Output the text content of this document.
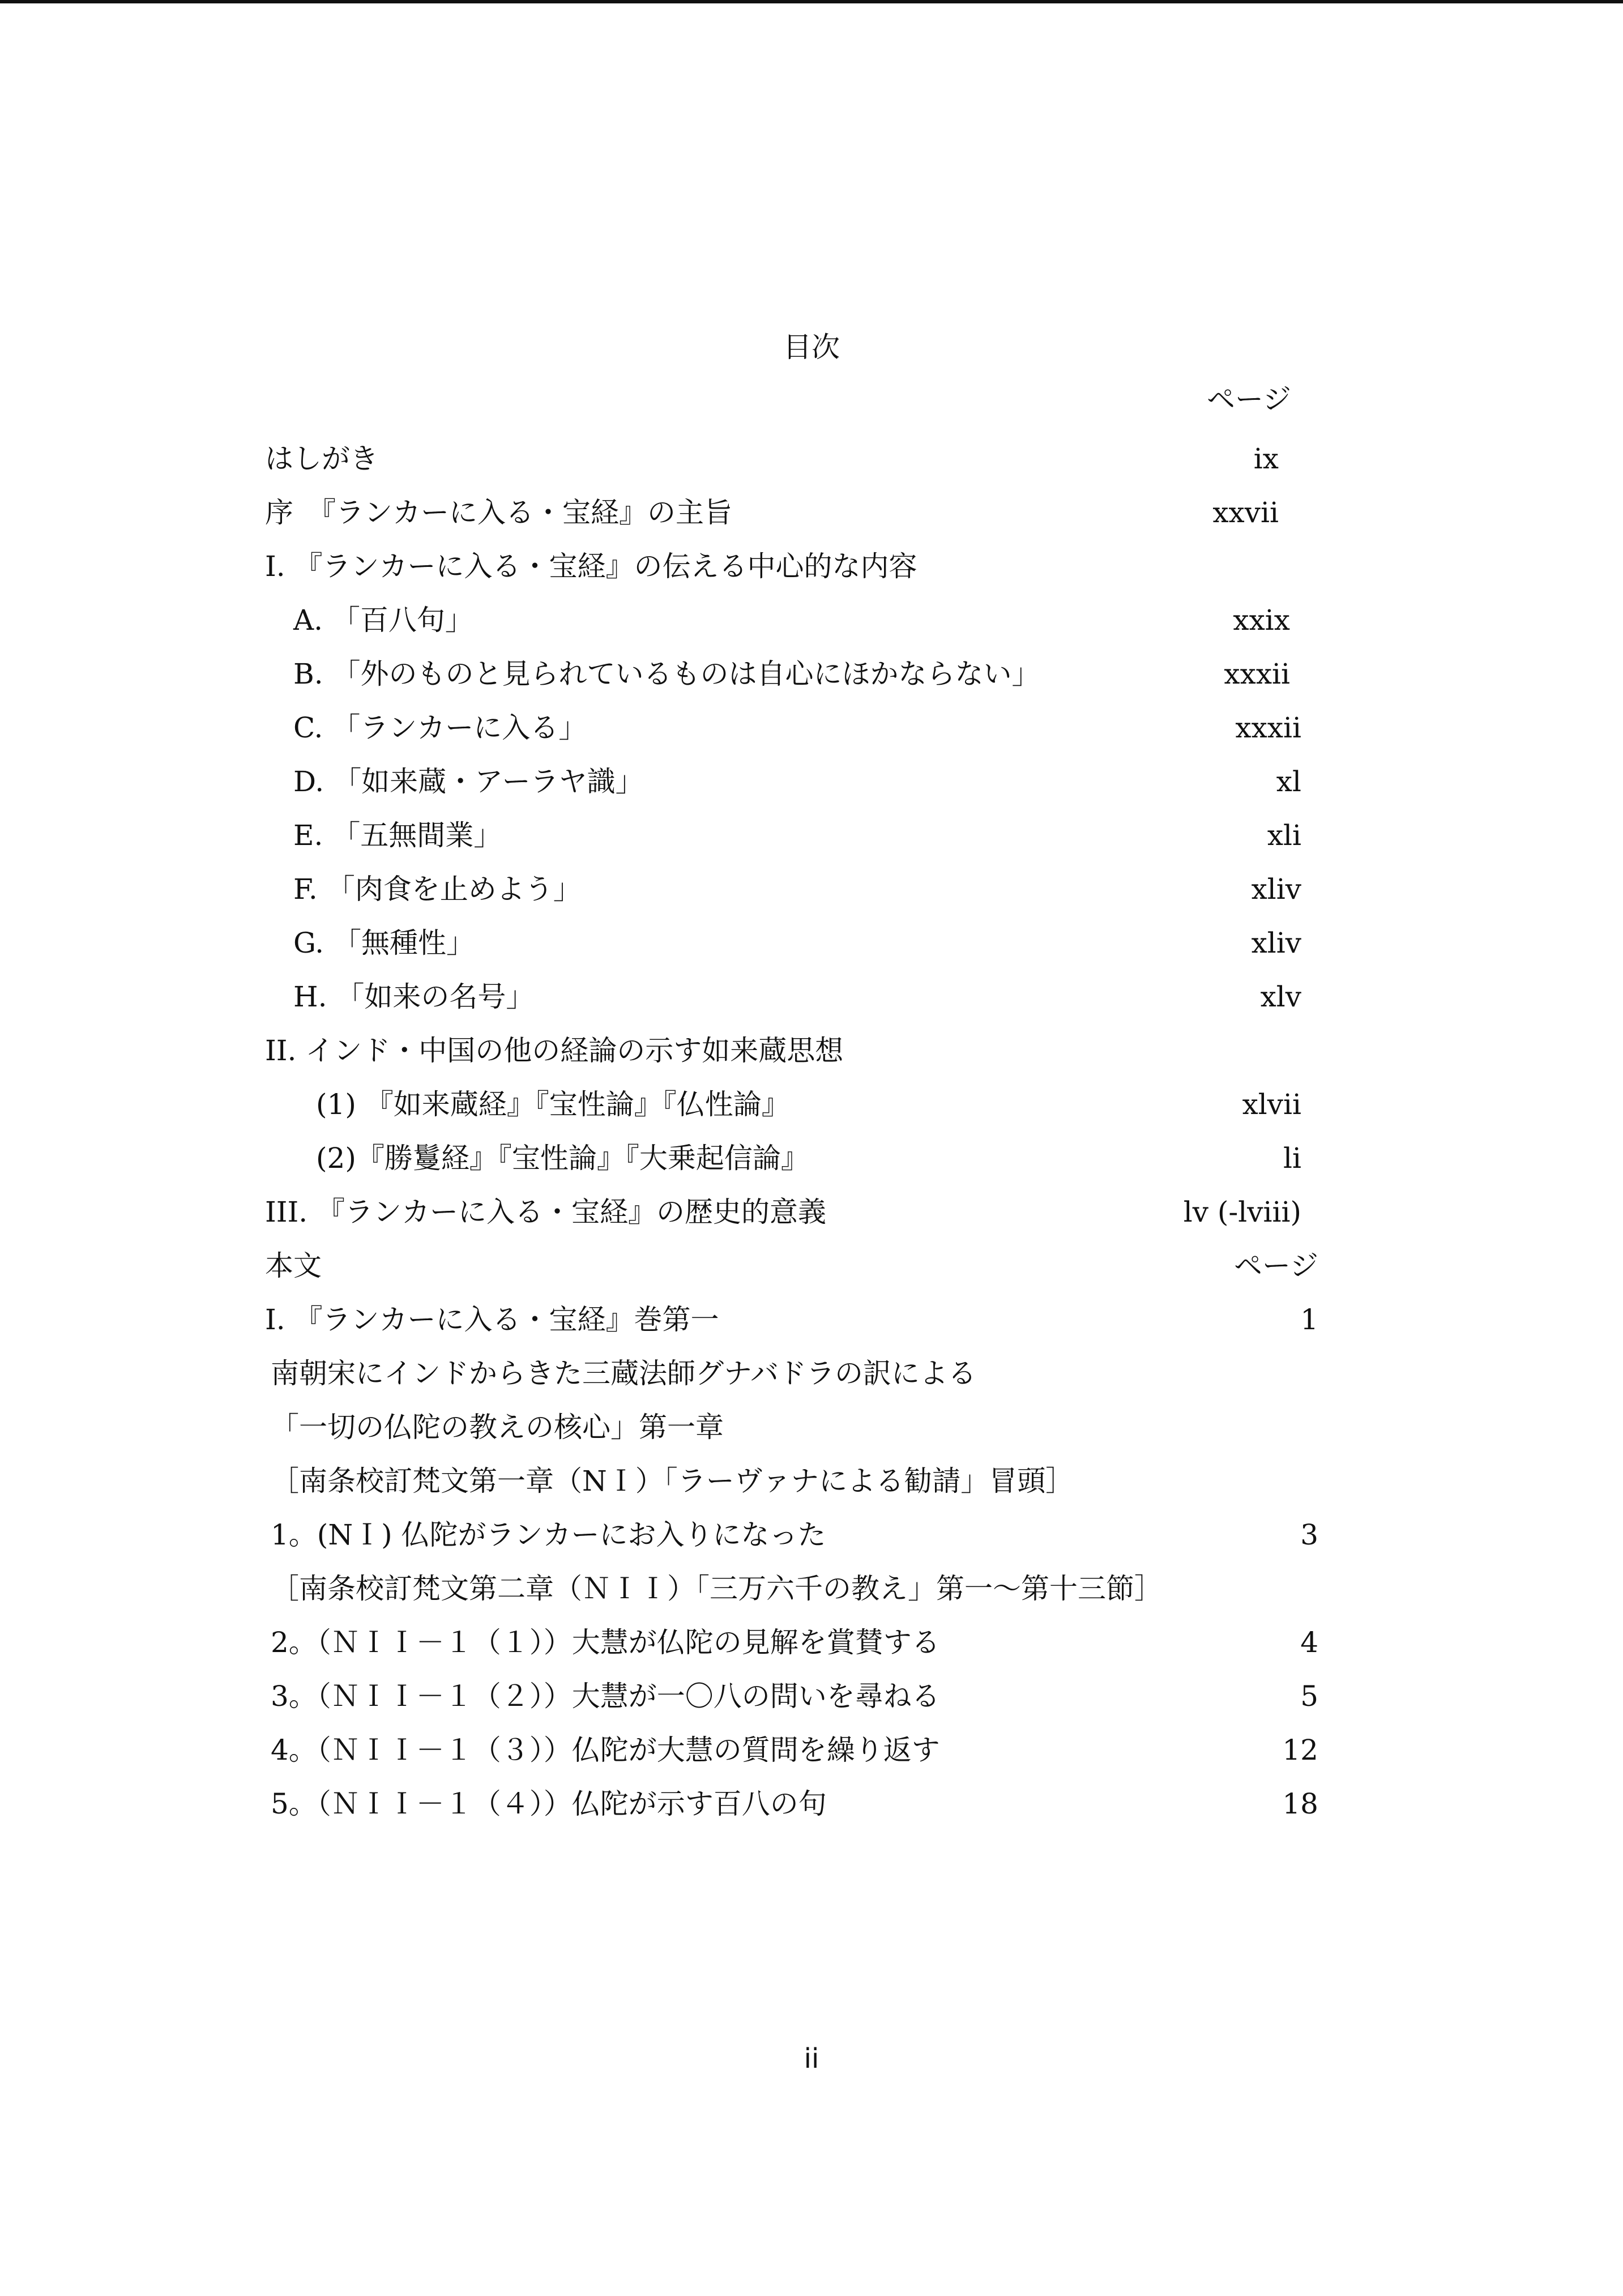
目次
ページ
はしがき	ix
序　『ランカーに入る・宝経』の主旨	xxvii
I. 『ランカーに入る・宝経』の伝える中心的な内容
A. 「百八句」	xxix
B. 「外のものと見られているものは自心にほかならない」	xxxii
C. 「ランカーに入る」	xxxii
D. 「如来蔵・アーラヤ識」	xl
E. 「五無間業」	xli
F. 「肉食を止めよう」	xliv
G. 「無種性」	xliv
H. 「如来の名号」	xlv
II. インド・中国の他の経論の示す如来蔵思想
(1) 『如来蔵経』『宝性論』『仏性論』	xlvii
(2)『勝鬘経』『宝性論』『大乗起信論』	li
III. 『ランカーに入る・宝経』の歴史的意義	lv (-lviii)
本文	ページ
I. 『ランカーに入る・宝経』巻第一	1
南朝宋にインドからきた三蔵法師グナバドラの訳による
「一切の仏陀の教えの核心」第一章
［南条校訂梵文第一章（NＩ）「ラーヴァナによる勧請」冒頭］
1。(NＩ) 仏陀がランカーにお入りになった	3
［南条校訂梵文第二章（ＮＩＩ）「三万六千の教え」第一～第十三節］
2。（ＮＩＩ－１（１））大慧が仏陀の見解を賞賛する	4
3。（ＮＩＩ－１（２））大慧が一〇八の問いを尋ねる	5
4。（ＮＩＩ－１（３））仏陀が大慧の質問を繰り返す	12
5。（ＮＩＩ－１（４））仏陀が示す百八の句	18
ii
